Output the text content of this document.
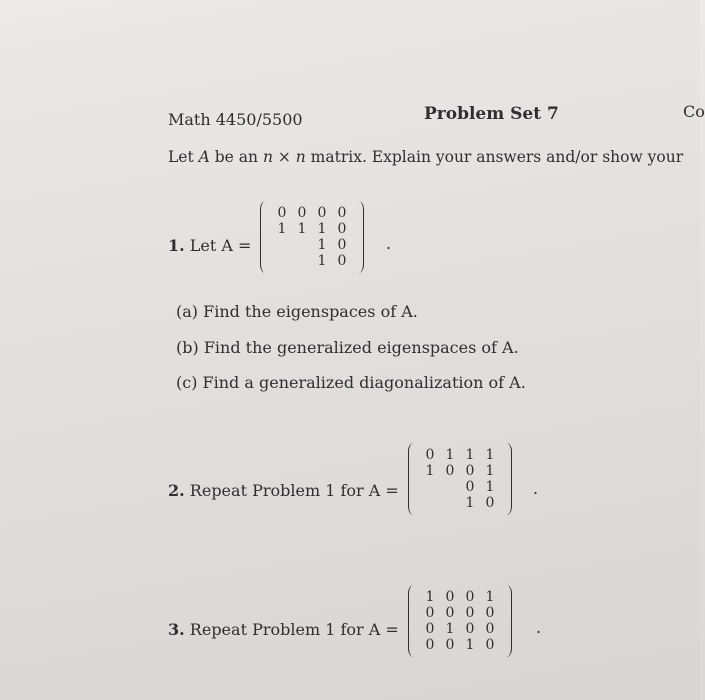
Math 4450/5500	Problem Set 7	Co
Let A be an n × n matrix. Explain your answers and/or show your
1. Let A =
0	0	0	0
1	1	1	0
		1	0
		1	0
.
(a) Find the eigenspaces of A.
(b) Find the generalized eigenspaces of A.
(c) Find a generalized diagonalization of A.
2. Repeat Problem 1 for A =
0	1	1	1
1	0	0	1
		0	1
		1	0
.
3. Repeat Problem 1 for A =
1	0	0	1
0	0	0	0
0	1	0	0
0	0	1	0
.
